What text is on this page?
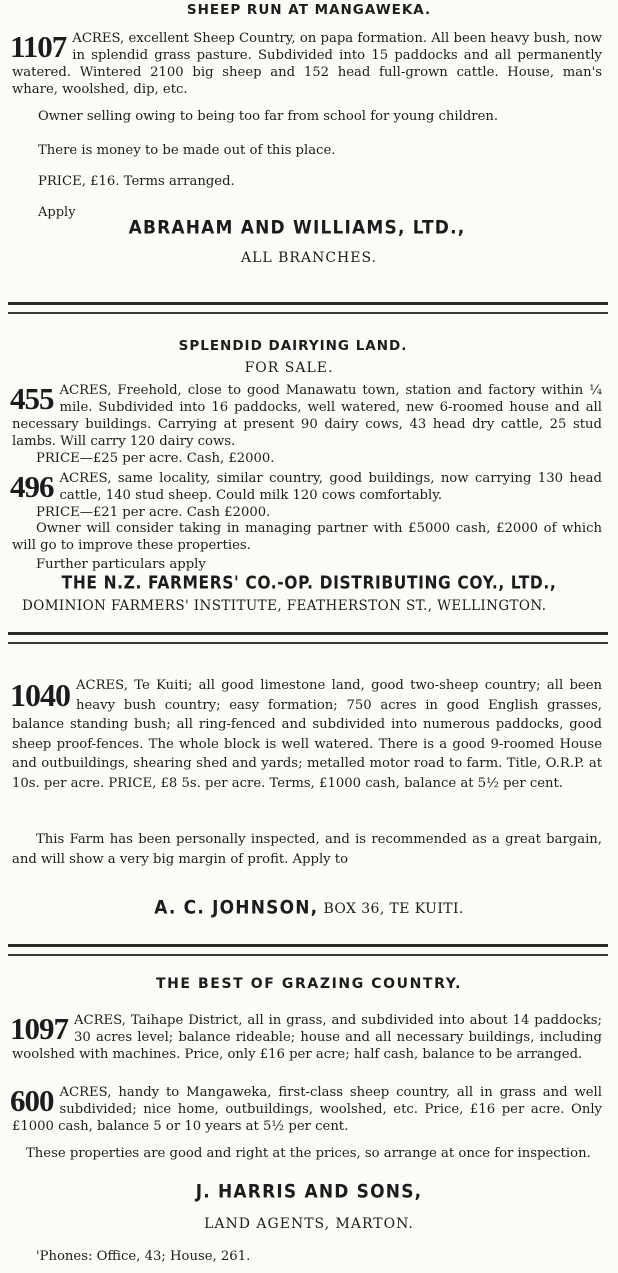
SHEEP RUN AT MANGAWEKA.
1107 ACRES, excellent Sheep Country, on papa formation. All been heavy bush, now in splendid grass pasture. Subdivided into 15 paddocks and all permanently watered. Wintered 2100 big sheep and 152 head full-grown cattle. House, man's whare, woolshed, dip, etc.
Owner selling owing to being too far from school for young children.
There is money to be made out of this place.
PRICE, £16. Terms arranged.
Apply
ABRAHAM AND WILLIAMS, LTD.,
ALL BRANCHES.
SPLENDID DAIRYING LAND.
FOR SALE.
455 ACRES, Freehold, close to good Manawatu town, station and factory within ¼ mile. Subdivided into 16 paddocks, well watered, new 6-roomed house and all necessary buildings. Carrying at present 90 dairy cows, 43 head dry cattle, 25 stud lambs. Will carry 120 dairy cows.
PRICE—£25 per acre. Cash, £2000.
496 ACRES, same locality, similar country, good buildings, now carrying 130 head cattle, 140 stud sheep. Could milk 120 cows comfortably.
PRICE—£21 per acre. Cash £2000.
Owner will consider taking in managing partner with £5000 cash, £2000 of which will go to improve these properties.
Further particulars apply
THE N.Z. FARMERS' CO.-OP. DISTRIBUTING COY., LTD.,
DOMINION FARMERS' INSTITUTE, FEATHERSTON ST., WELLINGTON.
1040 ACRES, Te Kuiti; all good limestone land, good two-sheep country; all been heavy bush country; easy formation; 750 acres in good English grasses, balance standing bush; all ring-fenced and subdivided into numerous paddocks, good sheep proof-fences. The whole block is well watered. There is a good 9-roomed House and outbuildings, shearing shed and yards; metalled motor road to farm. Title, O.R.P. at 10s. per acre. PRICE, £8 5s. per acre. Terms, £1000 cash, balance at 5½ per cent.
This Farm has been personally inspected, and is recommended as a great bargain, and will show a very big margin of profit. Apply to
A. C. JOHNSON, BOX 36, TE KUITI.
THE BEST OF GRAZING COUNTRY.
1097 ACRES, Taihape District, all in grass, and subdivided into about 14 paddocks; 30 acres level; balance rideable; house and all necessary buildings, including woolshed with machines. Price, only £16 per acre; half cash, balance to be arranged.
600 ACRES, handy to Mangaweka, first-class sheep country, all in grass and well subdivided; nice home, outbuildings, woolshed, etc. Price, £16 per acre. Only £1000 cash, balance 5 or 10 years at 5½ per cent.
These properties are good and right at the prices, so arrange at once for inspection.
J. HARRIS AND SONS,
LAND AGENTS, MARTON.
'Phones: Office, 43; House, 261.
